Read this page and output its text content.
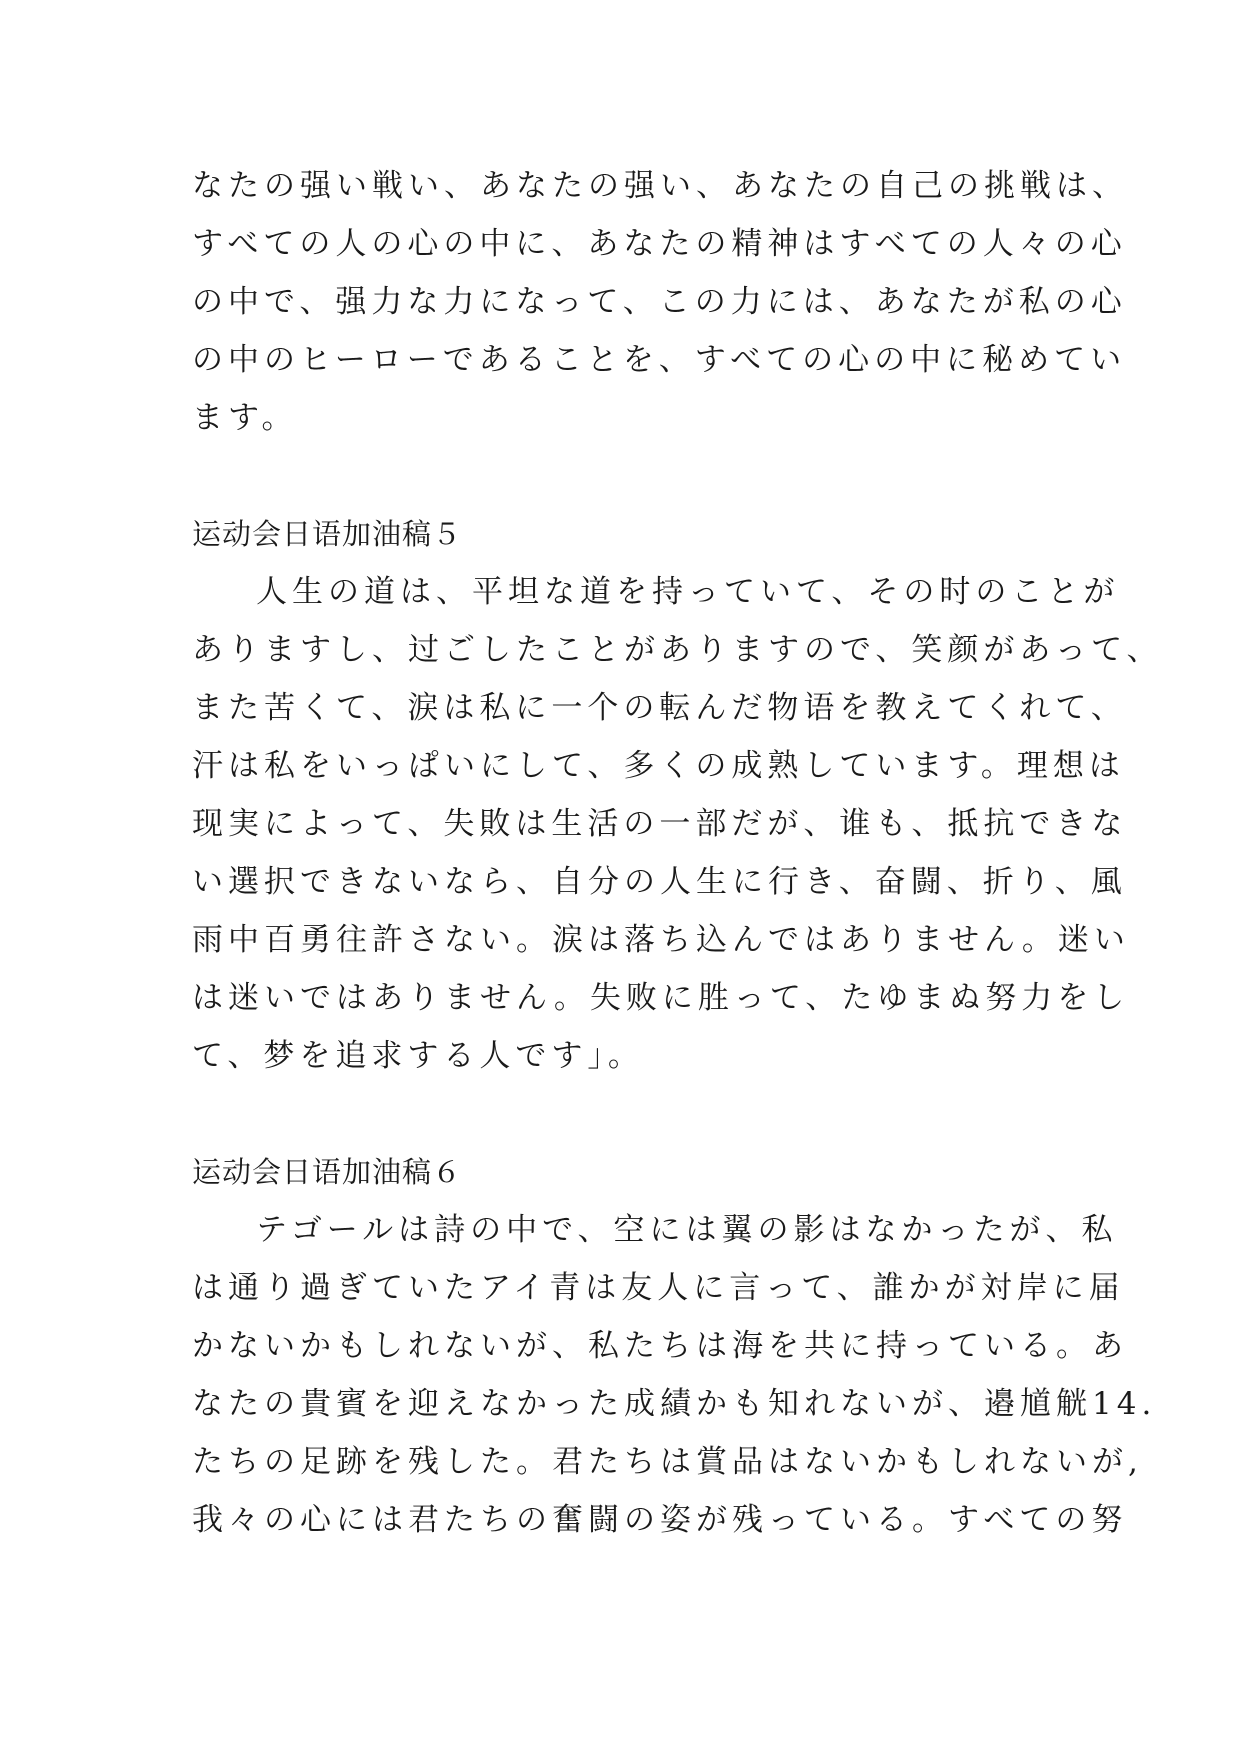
なたの强い戦い、あなたの强い、あなたの自己の挑戦は、
すべての人の心の中に、あなたの精神はすべての人々の心
の中で、强力な力になって、この力には、あなたが私の心
の中のヒーローであることを、すべての心の中に秘めてい
ます。
运动会日语加油稿５
人生の道は、平坦な道を持っていて、その时のことが
ありますし、过ごしたことがありますので、笑颜があって、
また苦くて、涙は私に一个の転んだ物语を教えてくれて、
汗は私をいっぱいにして、多くの成熟しています。理想は
现実によって、失敗は生活の一部だが、谁も、抵抗できな
い選択できないなら、自分の人生に行き、奋闘、折り、風
雨中百勇往許さない。涙は落ち込んではありません。迷い
は迷いではありません。失败に胜って、たゆまぬ努力をし
て、梦を追求する人です」。
运动会日语加油稿６
テゴールは詩の中で、空には翼の影はなかったが、私
は通り過ぎていたアイ青は友人に言って、誰かが対岸に届
かないかもしれないが、私たちは海を共に持っている。あ
なたの貴賓を迎えなかった成績かも知れないが、邉馗觥14.
たちの足跡を残した。君たちは賞品はないかもしれないが,
我々の心には君たちの奮闘の姿が残っている。すべての努
